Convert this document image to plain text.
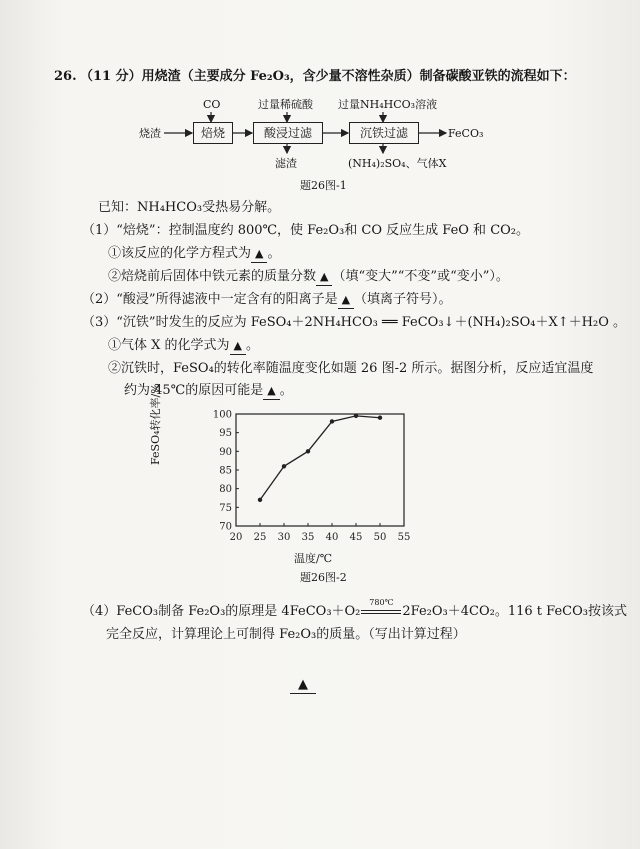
26. （11 分）用烧渣（主要成分 Fe₂O₃，含少量不溶性杂质）制备碳酸亚铁的流程如下：
烧渣	焙烧	酸浸过滤	沉铁过滤	FeCO₃
CO	过量稀硫酸 过量NH₄HCO₃溶液
滤渣	(NH₄)₂SO₄、气体X
题26图-1
已知：NH₄HCO₃受热易分解。
（1）“焙烧”：控制温度约 800℃，使 Fe₂O₃和 CO 反应生成 FeO 和 CO₂。
①该反应的化学方程式为 ▲ 。
②焙烧前后固体中铁元素的质量分数 ▲ （填“变大”“不变”或“变小”）。
（2）“酸浸”所得滤液中一定含有的阳离子是 ▲ （填离子符号）。
（3）“沉铁”时发生的反应为 FeSO₄＋2NH₄HCO₃ ══ FeCO₃↓＋(NH₄)₂SO₄＋X↑＋H₂O 。
①气体 X 的化学式为 ▲ 。
②沉铁时，FeSO₄的转化率随温度变化如题 26 图-2 所示。据图分析，反应适宜温度
约为 45℃的原因可能是 ▲ 。
20 25 30 35 40 45 50 55
70
75
80
85
90
95
100
温度/℃
题26图-2
FeSO₄转化率/%
（4）FeCO₃制备 Fe₂O₃的原理是 4FeCO₃＋O₂
780℃
2Fe₂O₃＋4CO₂。116 t FeCO₃按该式
完全反应，计算理论上可制得 Fe₂O₃的质量。（写出计算过程）
▲
